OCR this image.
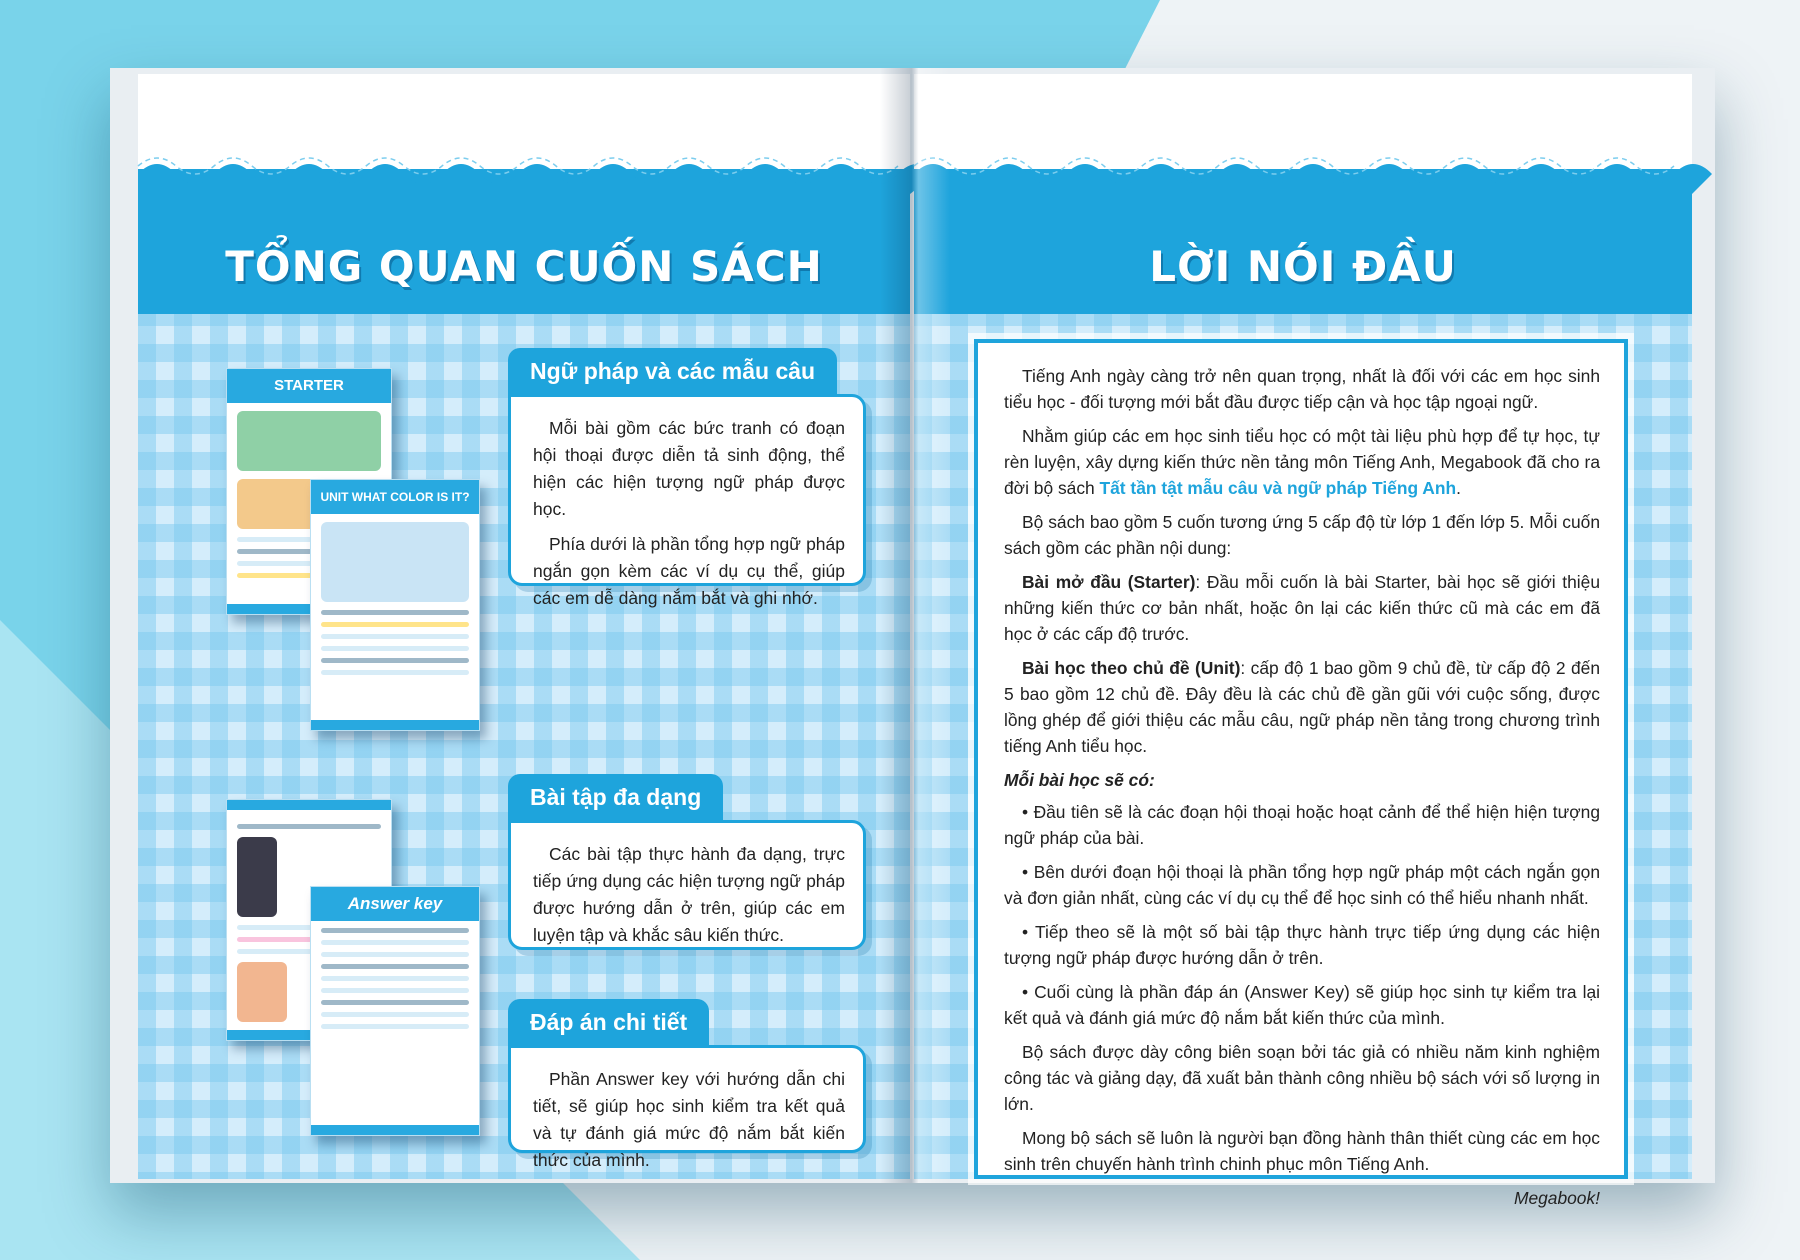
TỔNG QUAN CUỐN SÁCH
STARTER
UNIT WHAT COLOR IS IT?
Answer key
Ngữ pháp và các mẫu câu

Mỗi bài gồm các bức tranh có đoạn hội thoại được diễn tả sinh động, thể hiện các hiện tượng ngữ pháp được học.

Phía dưới là phần tổng hợp ngữ pháp ngắn gọn kèm các ví dụ cụ thể, giúp các em dễ dàng nắm bắt và ghi nhớ.

Bài tập đa dạng

Các bài tập thực hành đa dạng, trực tiếp ứng dụng các hiện tượng ngữ pháp được hướng dẫn ở trên, giúp các em luyện tập và khắc sâu kiến thức.

Đáp án chi tiết

Phần Answer key với hướng dẫn chi tiết, sẽ giúp học sinh kiểm tra kết quả và tự đánh giá mức độ nắm bắt kiến thức của mình.

LỜI NÓI ĐẦU

Tiếng Anh ngày càng trở nên quan trọng, nhất là đối với các em học sinh tiểu học - đối tượng mới bắt đầu được tiếp cận và học tập ngoại ngữ.

Nhằm giúp các em học sinh tiểu học có một tài liệu phù hợp để tự học, tự rèn luyện, xây dựng kiến thức nền tảng môn Tiếng Anh, Megabook đã cho ra đời bộ sách Tất tần tật mẫu câu và ngữ pháp Tiếng Anh.

Bộ sách bao gồm 5 cuốn tương ứng 5 cấp độ từ lớp 1 đến lớp 5. Mỗi cuốn sách gồm các phần nội dung:

Bài mở đầu (Starter): Đầu mỗi cuốn là bài Starter, bài học sẽ giới thiệu những kiến thức cơ bản nhất, hoặc ôn lại các kiến thức cũ mà các em đã học ở các cấp độ trước.

Bài học theo chủ đề (Unit): cấp độ 1 bao gồm 9 chủ đề, từ cấp độ 2 đến 5 bao gồm 12 chủ đề. Đây đều là các chủ đề gần gũi với cuộc sống, được lồng ghép để giới thiệu các mẫu câu, ngữ pháp nền tảng trong chương trình tiếng Anh tiểu học.

Mỗi bài học sẽ có:

• Đầu tiên sẽ là các đoạn hội thoại hoặc hoạt cảnh để thể hiện hiện tượng ngữ pháp của bài.

• Bên dưới đoạn hội thoại là phần tổng hợp ngữ pháp một cách ngắn gọn và đơn giản nhất, cùng các ví dụ cụ thể để học sinh có thể hiểu nhanh nhất.

• Tiếp theo sẽ là một số bài tập thực hành trực tiếp ứng dụng các hiện tượng ngữ pháp được hướng dẫn ở trên.

• Cuối cùng là phần đáp án (Answer Key) sẽ giúp học sinh tự kiểm tra lại kết quả và đánh giá mức độ nắm bắt kiến thức của mình.

Bộ sách được dày công biên soạn bởi tác giả có nhiều năm kinh nghiệm công tác và giảng dạy, đã xuất bản thành công nhiều bộ sách với số lượng in lớn.

Mong bộ sách sẽ luôn là người bạn đồng hành thân thiết cùng các em học sinh trên chuyến hành trình chinh phục môn Tiếng Anh.

Megabook!
